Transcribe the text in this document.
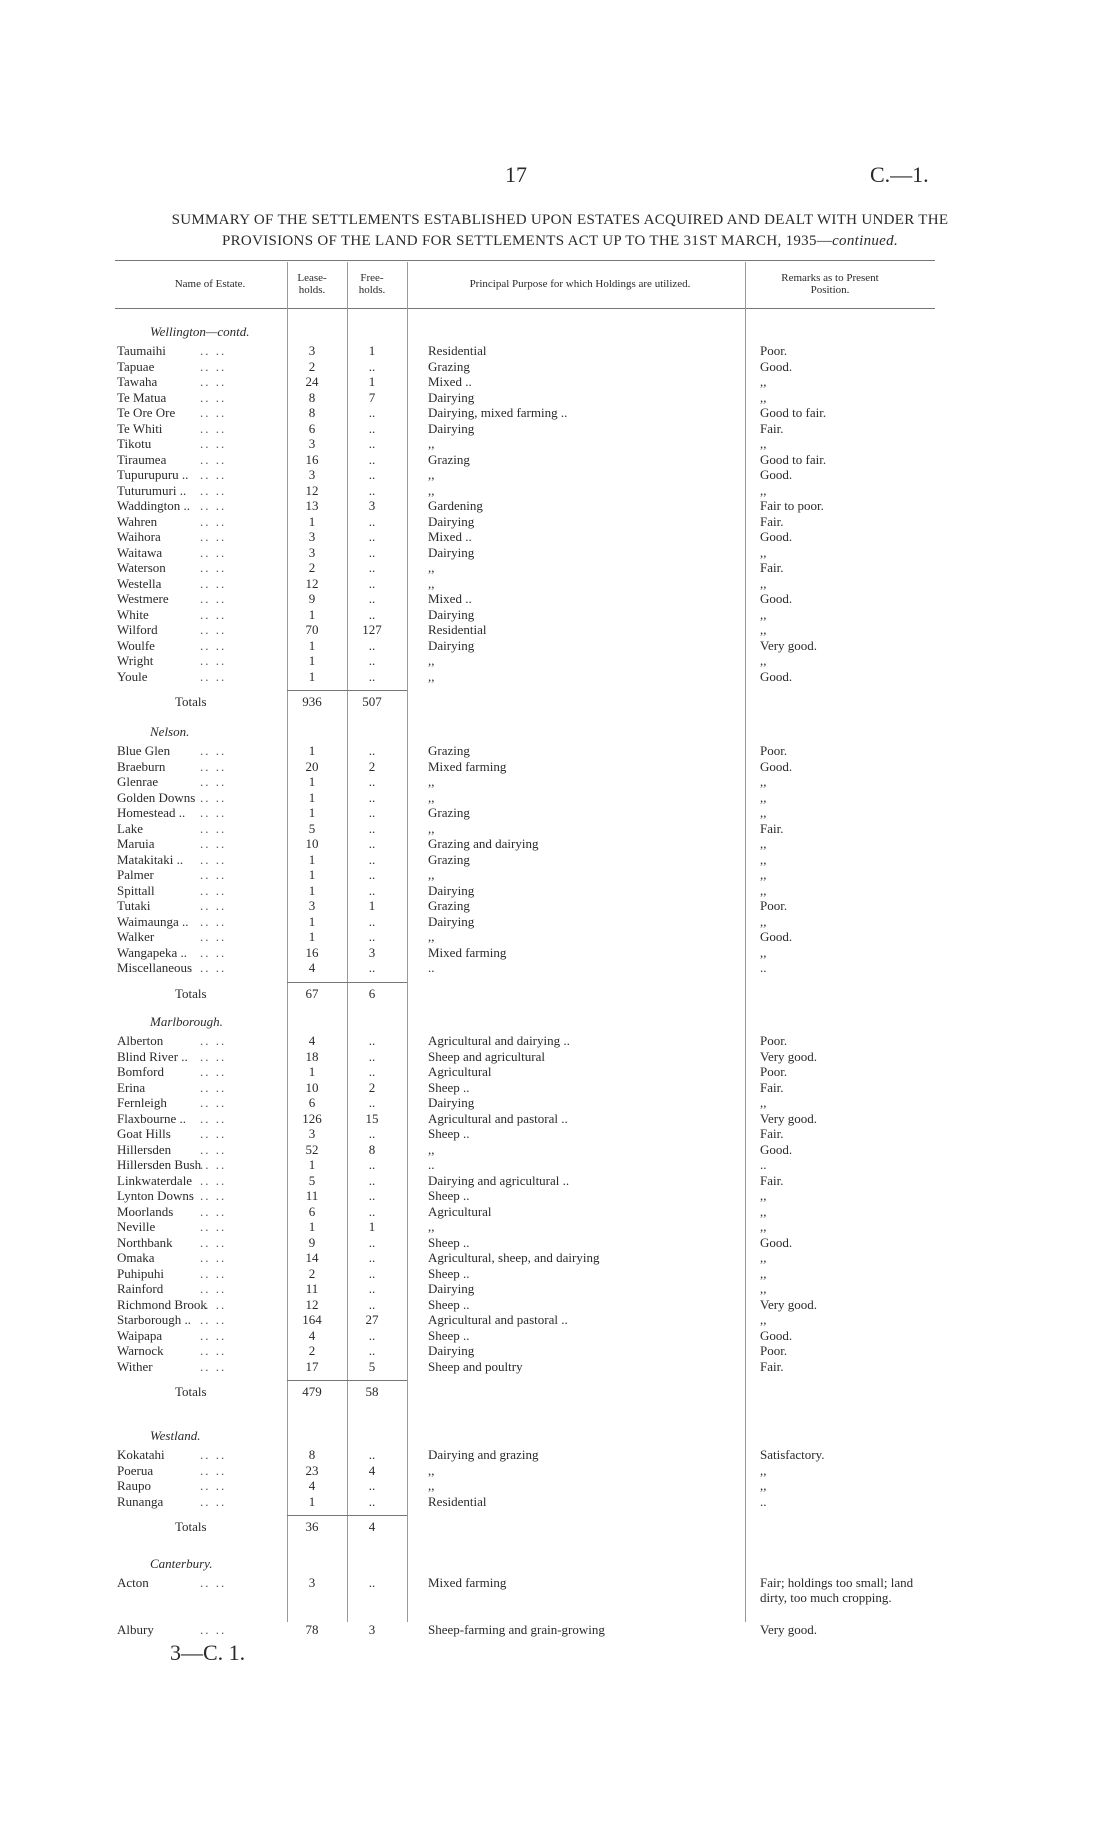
17	C.—1.
SUMMARY OF THE SETTLEMENTS ESTABLISHED UPON ESTATES ACQUIRED AND DEALT WITH UNDER THE
PROVISIONS OF THE LAND FOR SETTLEMENTS ACT UP TO THE 31ST MARCH, 1935—continued.
Name of Estate.	Lease-
holds.
Free-
holds.	Principal Purpose for which Holdings are utilized.	Remarks as to Present
Position.
Wellington—contd.
Taumaihi	3	1	Residential	Poor.
.. ..
Tapuae	2	..	Grazing	Good.
.. ..
Tawaha	24	1	Mixed ..	,,
.. ..
Te Matua	8	7	Dairying	,,
.. ..
Te Ore Ore	8	..	Dairying, mixed farming ..	Good to fair.
.. ..
Te Whiti	6	..	Dairying	Fair.
.. ..
Tikotu	3	..	,,	,,
.. ..
Tiraumea	16	..	Grazing	Good to fair.
.. ..
Tupurupuru ..	3	..	,,	Good.
.. ..
Tuturumuri ..	12	..	,,	,,
.. ..
Waddington ..	13	3	Gardening	Fair to poor.
.. ..
Wahren	1	..	Dairying	Fair.
.. ..
Waihora	3	..	Mixed ..	Good.
.. ..
Waitawa	3	..	Dairying	,,
.. ..
Waterson	2	..	,,	Fair.
.. ..
Westella	12	..	,,	,,
.. ..
Westmere	9	..	Mixed ..	Good.
.. ..
White	1	..	Dairying	,,
.. ..
Wilford	70	127	Residential	,,
.. ..
Woulfe	1	..	Dairying	Very good.
.. ..
Wright	1	..	,,	,,
.. ..
Youle	1	..	,,	Good.
.. ..
Totals	936	507
Nelson.
Blue Glen	1	..	Grazing	Poor.
.. ..
Braeburn	20	2	Mixed farming	Good.
.. ..
Glenrae	1	..	,,	,,
.. ..
Golden Downs	1	..	,,	,,
.. ..
Homestead ..	1	..	Grazing	,,
.. ..
Lake	5	..	,,	Fair.
.. ..
Maruia	10	..	Grazing and dairying	,,
.. ..
Matakitaki ..	1	..	Grazing	,,
.. ..
Palmer	1	..	,,	,,
.. ..
Spittall	1	..	Dairying	,,
.. ..
Tutaki	3	1	Grazing	Poor.
.. ..
Waimaunga ..	1	..	Dairying	,,
.. ..
Walker	1	..	,,	Good.
.. ..
Wangapeka ..	16	3	Mixed farming	,,
.. ..
Miscellaneous	4	..	..	..
.. ..
Totals	67	6
Marlborough.
Alberton	4	..	Agricultural and dairying ..	Poor.
.. ..
Blind River ..	18	..	Sheep and agricultural	Very good.
.. ..
Bomford	1	..	Agricultural	Poor.
.. ..
Erina	10	2	Sheep ..	Fair.
.. ..
Fernleigh	6	..	Dairying	,,
.. ..
Flaxbourne ..	126	15	Agricultural and pastoral ..	Very good.
.. ..
Goat Hills	3	..	Sheep ..	Fair.
.. ..
Hillersden	52	8	,,	Good.
.. ..
Hillersden Bush	1	..	..	..
.. ..
Linkwaterdale	5	..	Dairying and agricultural ..	Fair.
.. ..
Lynton Downs	11	..	Sheep ..	,,
.. ..
Moorlands	6	..	Agricultural	,,
.. ..
Neville	1	1	,,	,,
.. ..
Northbank	9	..	Sheep ..	Good.
.. ..
Omaka	14	..	Agricultural, sheep, and dairying	,,
.. ..
Puhipuhi	2	..	Sheep ..	,,
.. ..
Rainford	11	..	Dairying	,,
.. ..
Richmond Brook	12	..	Sheep ..	Very good.
.. ..
Starborough ..	164	27	Agricultural and pastoral ..	,,
.. ..
Waipapa	4	..	Sheep ..	Good.
.. ..
Warnock	2	..	Dairying	Poor.
.. ..
Wither	17	5	Sheep and poultry	Fair.
.. ..
Totals	479	58
Westland.
Kokatahi	8	..	Dairying and grazing	Satisfactory.
.. ..
Poerua	23	4	,,	,,
.. ..
Raupo	4	..	,,	,,
.. ..
Runanga	1	..	Residential	..
.. ..
Totals	36	4
Canterbury.
Acton	3	..	Mixed farming	Fair; holdings too small; land dirty, too much cropping.
.. ..
Albury	78	3	Sheep-farming and grain-growing	Very good.
.. ..
3—C. 1.
